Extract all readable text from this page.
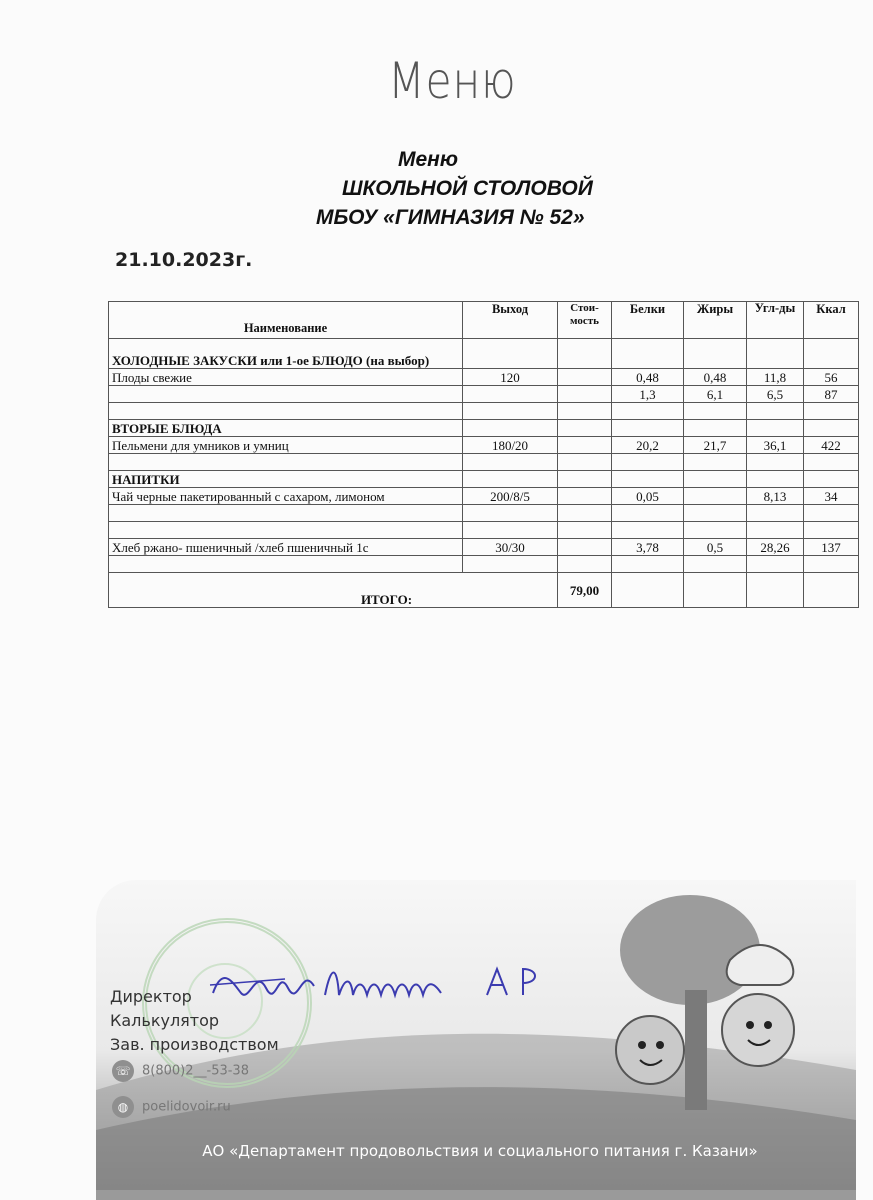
Меню
Меню
ШКОЛЬНОЙ СТОЛОВОЙ
МБОУ «ГИМНАЗИЯ № 52»
21.10.2023г.
Наименование	Выход	Стои-мость	Белки	Жиры	Угл-ды	Ккал
ХОЛОДНЫЕ ЗАКУСКИ или 1-ое БЛЮДО (на выбор)						
Плоды свежие	120		0,48	0,48	11,8	56
			1,3	6,1	6,5	87

ВТОРЫЕ БЛЮДА						
Пельмени для умников и умниц	180/20		20,2	21,7	36,1	422

НАПИТКИ						
Чай черные пакетированный с сахаром, лимоном	200/8/5		0,05		8,13	34

Хлеб ржано- пшеничный /хлеб пшеничный 1с	30/30		3,78	0,5	28,26	137

ИТОГО:		79,00				
Директор
Калькулятор
Зав. производством
☏ 8(800)2__-53-38
◍ poelidovoir.ru
АО «Департамент продовольствия и социального питания г. Казани»
